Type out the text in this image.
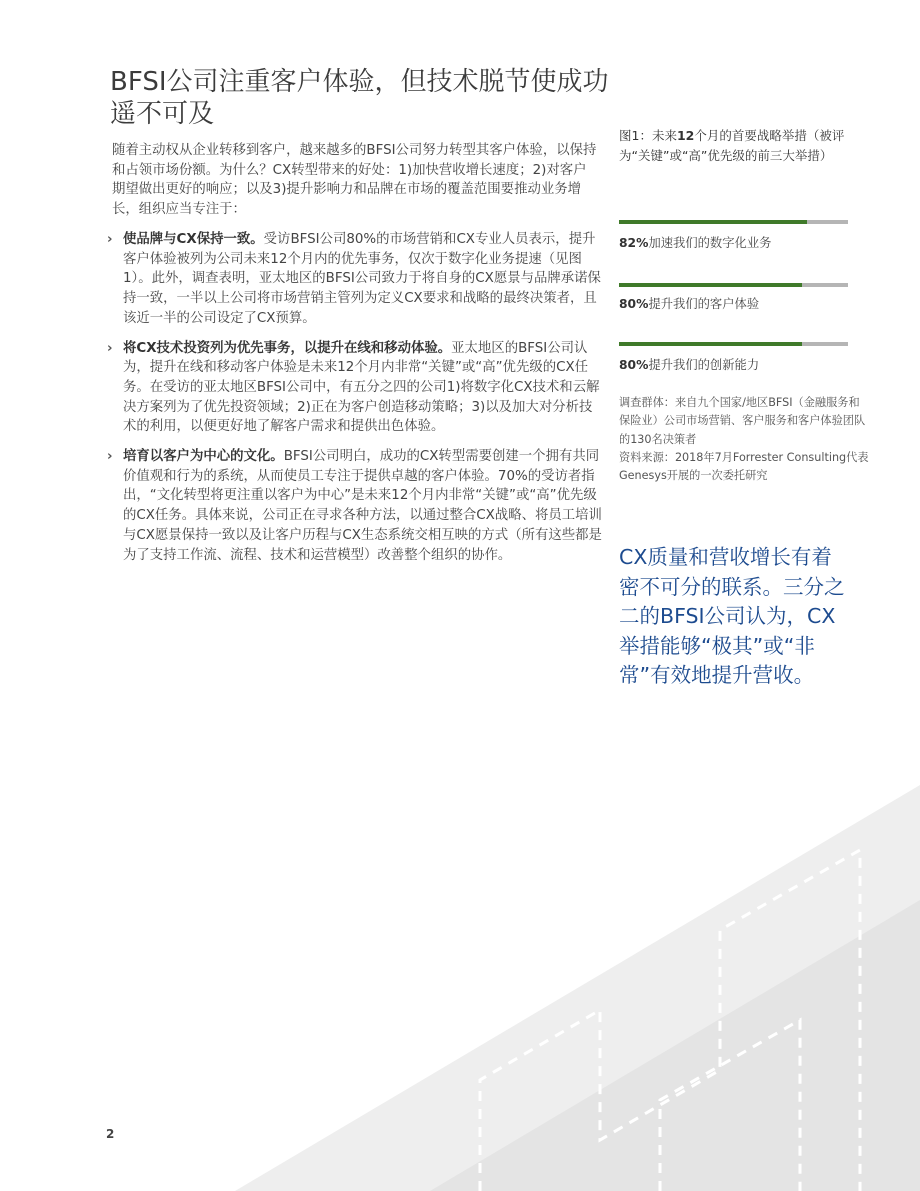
BFSI公司注重客户体验，但技术脱节使成功遥不可及

随着主动权从企业转移到客户，越来越多的BFSI公司努力转型其客户体验，以保持和占领市场份额。为什么？CX转型带来的好处：1)加快营收增长速度；2)对客户期望做出更好的响应；以及3)提升影响力和品牌在市场的覆盖范围要推动业务增长，组织应当专注于：

› 使品牌与CX保持一致。受访BFSI公司80%的市场营销和CX专业人员表示，提升客户体验被列为公司未来12个月内的优先事务，仅次于数字化业务提速（见图1）。此外，调查表明，亚太地区的BFSI公司致力于将自身的CX愿景与品牌承诺保持一致，一半以上公司将市场营销主管列为定义CX要求和战略的最终决策者，且该近一半的公司设定了CX预算。
› 将CX技术投资列为优先事务，以提升在线和移动体验。亚太地区的BFSI公司认为，提升在线和移动客户体验是未来12个月内非常“关键”或“高”优先级的CX任务。在受访的亚太地区BFSI公司中，有五分之四的公司1)将数字化CX技术和云解决方案列为了优先投资领域；2)正在为客户创造移动策略；3)以及加大对分析技术的利用，以便更好地了解客户需求和提供出色体验。
› 培育以客户为中心的文化。BFSI公司明白，成功的CX转型需要创建一个拥有共同价值观和行为的系统，从而使员工专注于提供卓越的客户体验。70%的受访者指出，“文化转型将更注重以客户为中心”是未来12个月内非常“关键”或“高”优先级的CX任务。具体来说，公司正在寻求各种方法，以通过整合CX战略、将员工培训与CX愿景保持一致以及让客户历程与CX生态系统交相互映的方式（所有这些都是为了支持工作流、流程、技术和运营模型）改善整个组织的协作。

图1：未来12个月的首要战略举措（被评为“关键”或“高”优先级的前三大举措）

82%加速我们的数字化业务
80%提升我们的客户体验
80%提升我们的创新能力
调查群体：来自九个国家/地区BFSI（金融服务和保险业）公司市场营销、客户服务和客户体验团队的130名决策者
资料来源：2018年7月Forrester Consulting代表Genesys开展的一次委托研究

CX质量和营收增长有着密不可分的联系。三分之二的BFSI公司认为，CX举措能够“极其”或“非常”有效地提升营收。

2
